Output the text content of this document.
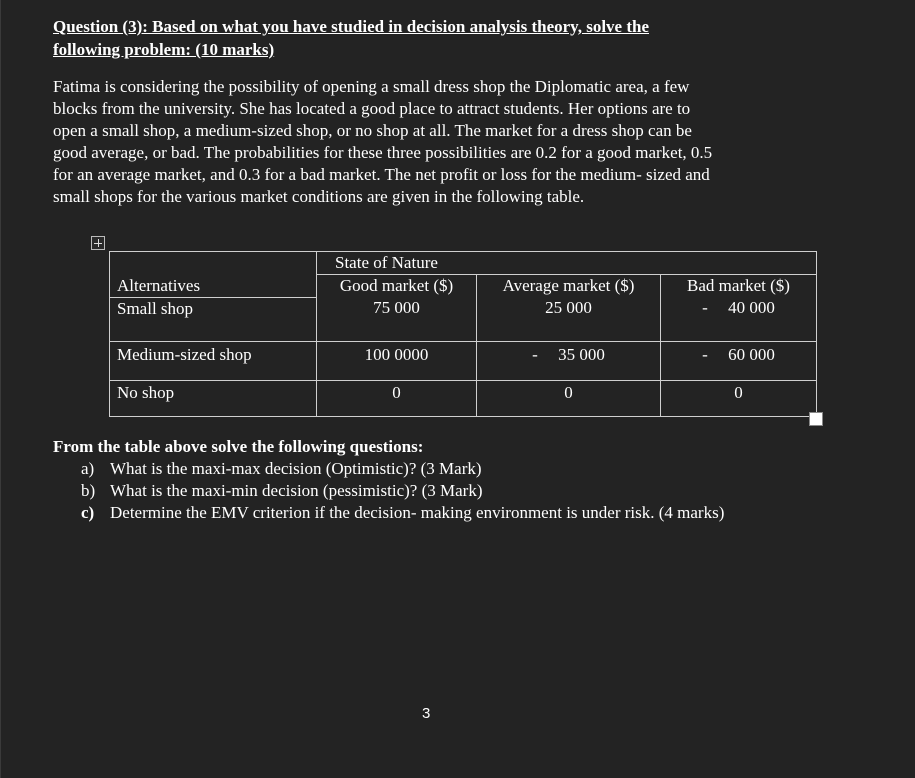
Question (3): Based on what you have studied in decision analysis theory, solve the
following problem: (10 marks)
Fatima is considering the possibility of opening a small dress shop the Diplomatic area, a few
blocks from the university. She has located a good place to attract students. Her options are to
open a small shop, a medium-sized shop, or no shop at all. The market for a dress shop can be
good average, or bad. The probabilities for these three possibilities are 0.2 for a good market, 0.5
for an average market, and 0.3 for a bad market. The net profit or loss for the medium- sized and
small shops for the various market conditions are given in the following table.
	State of Nature		
Alternatives	Good market ($)	Average market ($)	Bad market ($)
Small shop	75 000	25 000	- 40 000
Medium-sized shop	100 0000	- 35 000	- 60 000
No shop	0	0	0
From the table above solve the following questions:
a) What is the maxi-max decision (Optimistic)? (3 Mark)
b) What is the maxi-min decision (pessimistic)? (3 Mark)
c) Determine the EMV criterion if the decision- making environment is under risk. (4 marks)
3
